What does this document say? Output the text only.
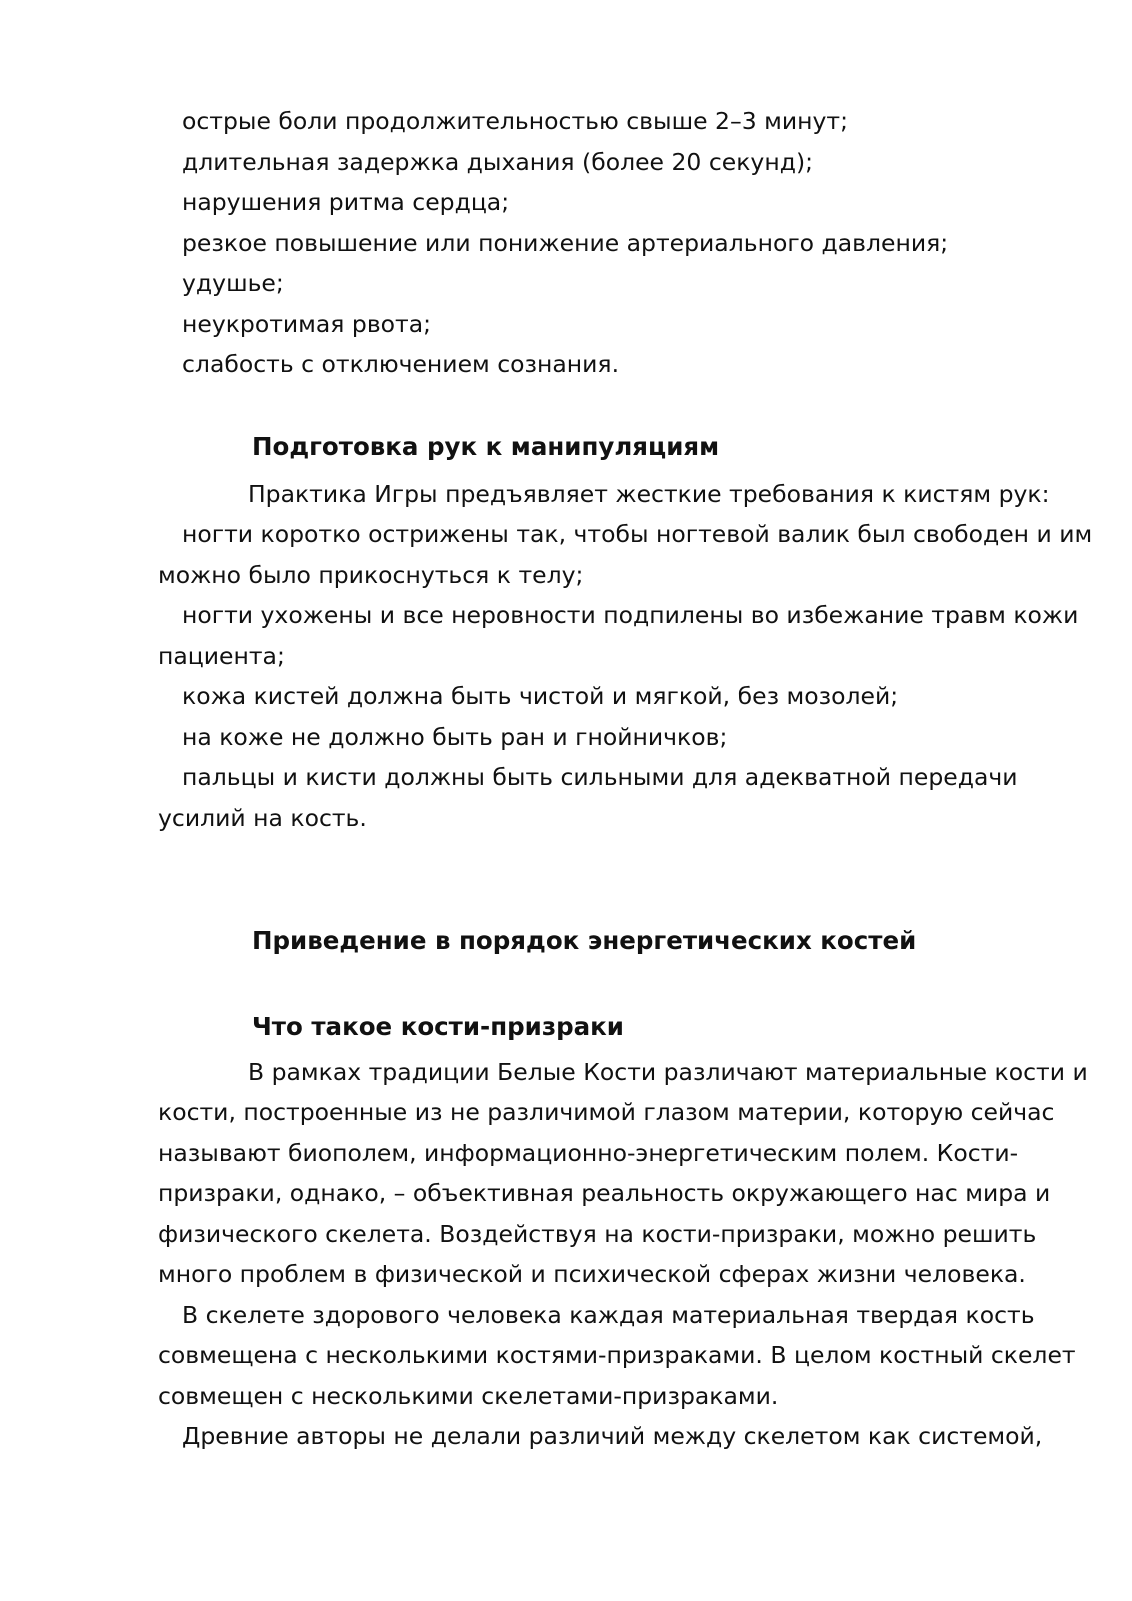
острые боли продолжительностью свыше 2–3 минут;
длительная задержка дыхания (более 20 секунд);
нарушения ритма сердца;
резкое повышение или понижение артериального давления;
удушье;
неукротимая рвота;
слабость с отключением сознания.
Подготовка рук к манипуляциям
Практика Игры предъявляет жесткие требования к кистям рук:
ногти коротко острижены так, чтобы ногтевой валик был свободен и им
можно было прикоснуться к телу;
ногти ухожены и все неровности подпилены во избежание травм кожи
пациента;
кожа кистей должна быть чистой и мягкой, без мозолей;
на коже не должно быть ран и гнойничков;
пальцы и кисти должны быть сильными для адекватной передачи
усилий на кость.
Приведение в порядок энергетических костей
Что такое кости-призраки
В рамках традиции Белые Кости различают материальные кости и
кости, построенные из не различимой глазом материи, которую сейчас
называют биополем, информационно-энергетическим полем. Кости-
призраки, однако, – объективная реальность окружающего нас мира и
физического скелета. Воздействуя на кости-призраки, можно решить
много проблем в физической и психической сферах жизни человека.
В скелете здорового человека каждая материальная твердая кость
совмещена с несколькими костями-призраками. В целом костный скелет
совмещен с несколькими скелетами-призраками.
Древние авторы не делали различий между скелетом как системой,
